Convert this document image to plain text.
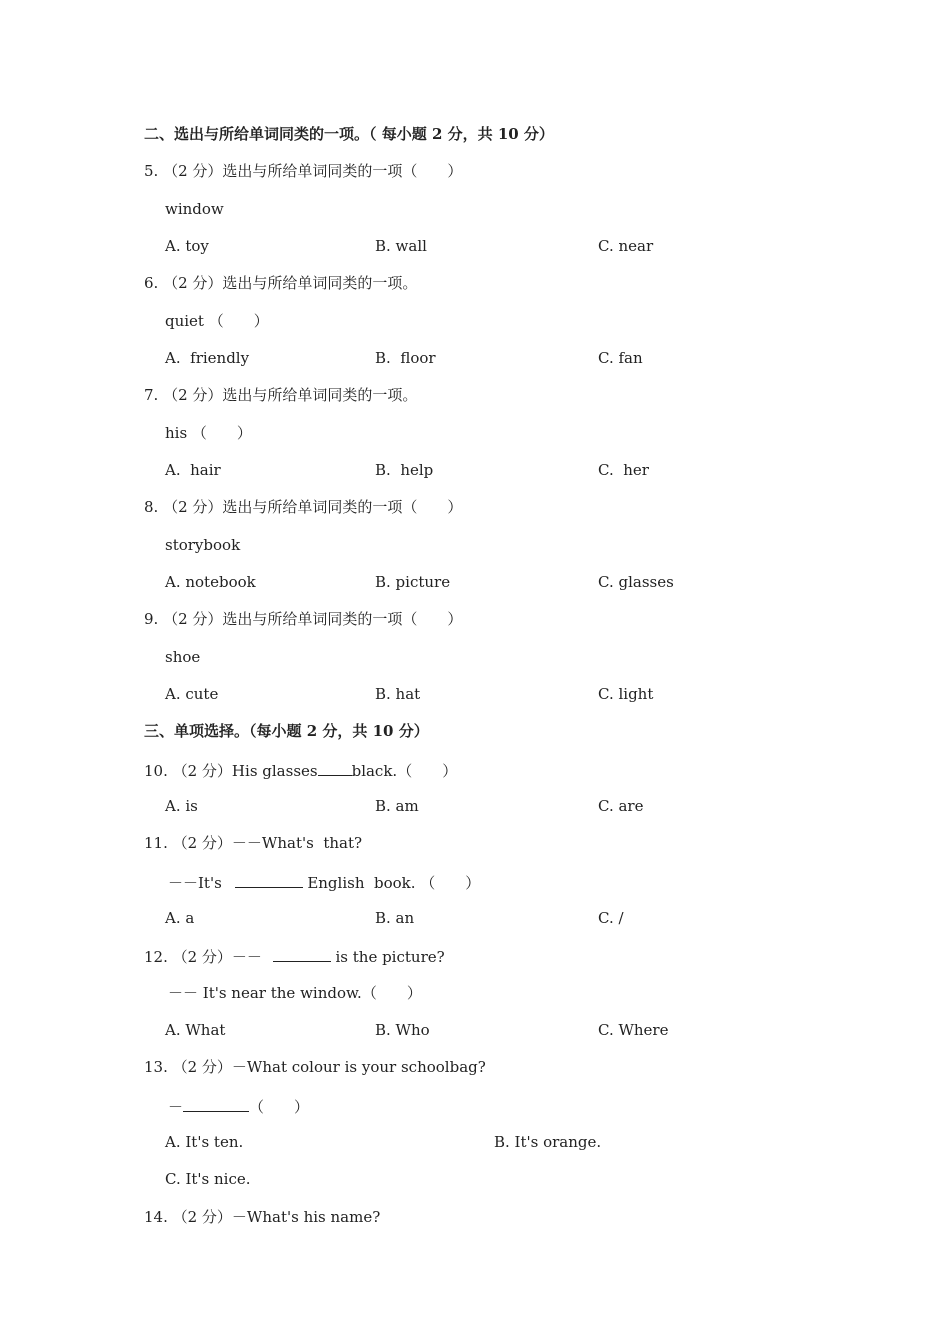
二、选出与所给单词同类的一项。（ 每小题 2 分，共 10 分）
5. （2 分）选出与所给单词同类的一项（　　）
window
A. toy	B. wall	C. near
6. （2 分）选出与所给单词同类的一项。
quiet （　　）
A.  friendly	B.  floor	C. fan
7. （2 分）选出与所给单词同类的一项。
his （　　）
A.  hair	B.  help	C.  her
8. （2 分）选出与所给单词同类的一项（　　）
storybook
A. notebook	B. picture	C. glasses
9. （2 分）选出与所给单词同类的一项（　　）
shoe
A. cute	B. hat	C. light
三、单项选择。（每小题 2 分，共 10 分）
10. （2 分）His glasses black.（　　）
A. is	B. am	C. are
11. （2 分）－－What's  that?
－－It's	English  book. （　　）
A. a	B. an	C. /
12. （2 分）－－	is the picture?
－－ It's near the window.（　　）
A. What	B. Who	C. Where
13. （2 分）－What colour is your schoolbag?
－	（　　）
A. It's ten.	B. It's orange.
C. It's nice.
14. （2 分）－What's his name?
